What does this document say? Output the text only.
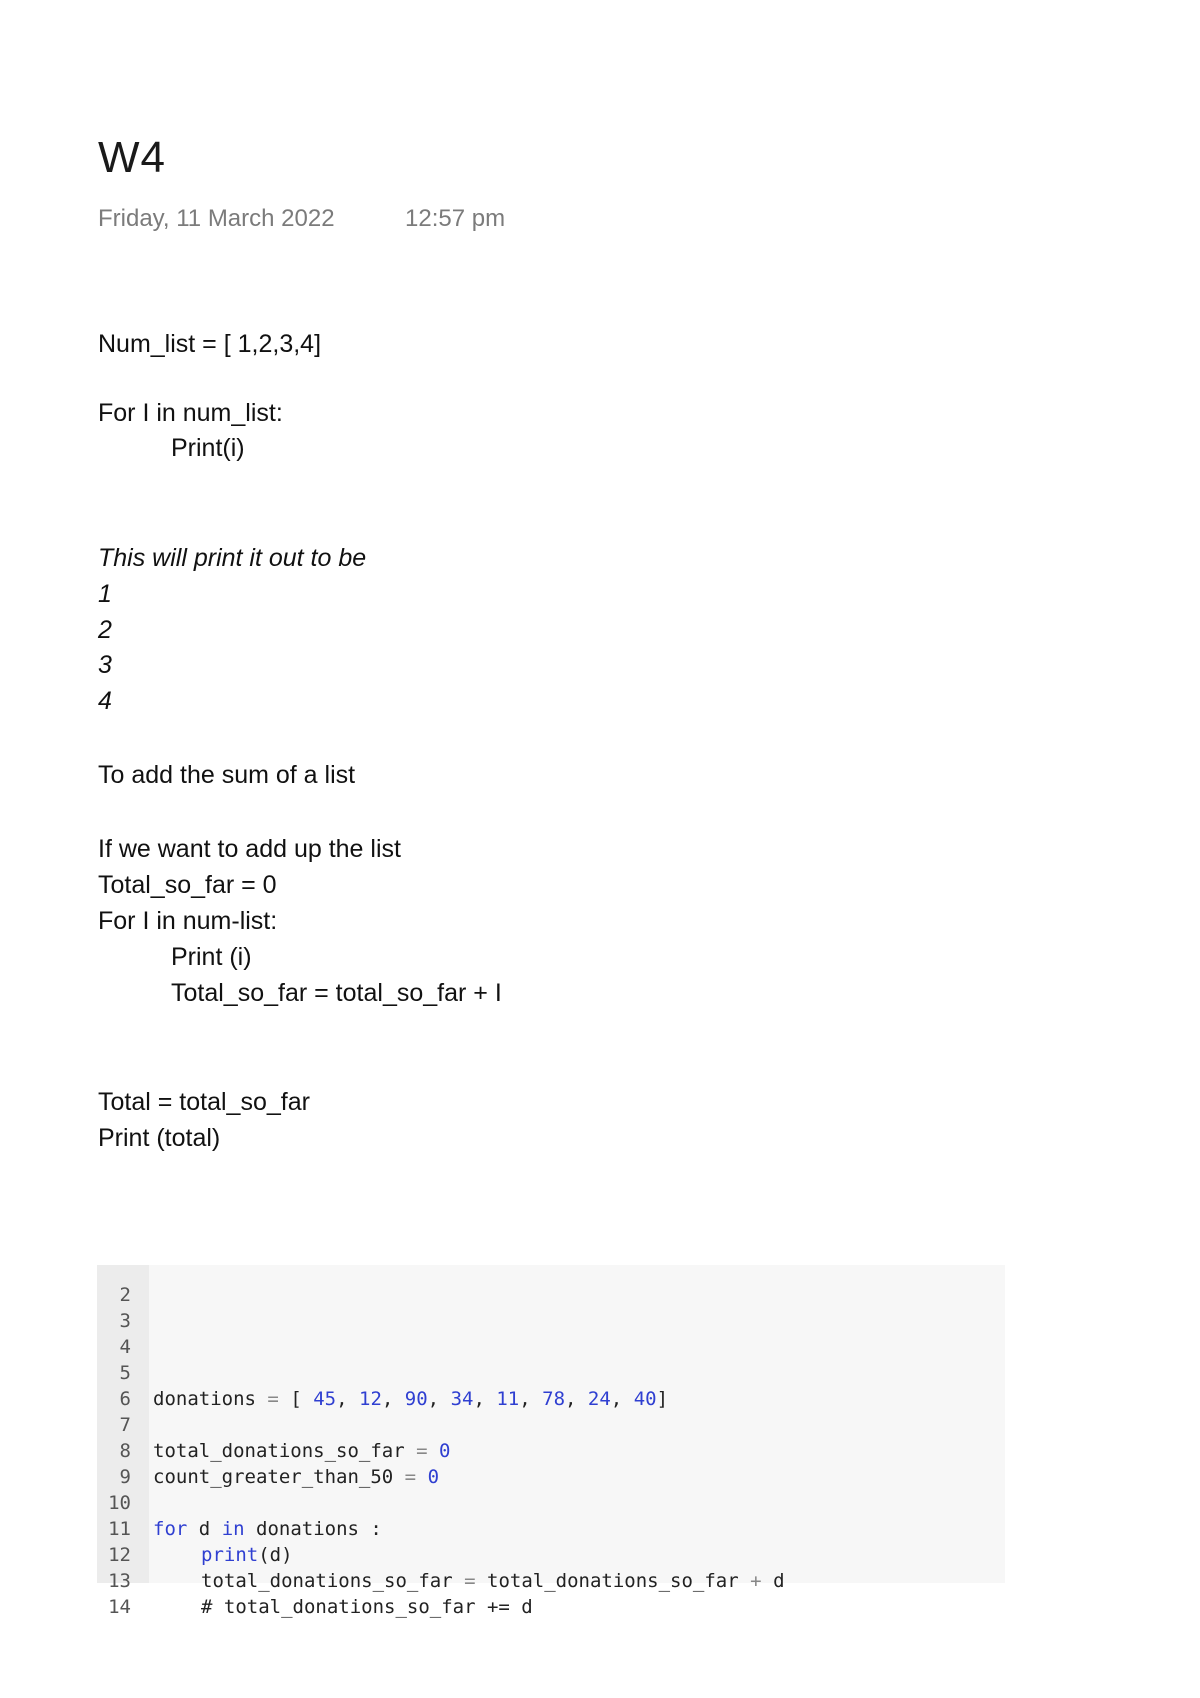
W4
Friday, 11 March 2022	12:57 pm
Num_list = [ 1,2,3,4]
For I in num_list:
Print(i)
This will print it out to be
1
2
3
4
To add the sum of a list
If we want to add up the list
Total_so_far = 0
For I in num-list:
Print (i)
Total_so_far = total_so_far + I
Total = total_so_far
Print (total)

2

3

4

5

donations = [ 45, 12, 90, 34, 11, 78, 24, 40]

6

7

total_donations_so_far = 0

8

count_greater_than_50 = 0

9

10

for d in donations :

11

print(d)

12

total_donations_so_far = total_donations_so_far + d

13

# total_donations_so_far += d

14
